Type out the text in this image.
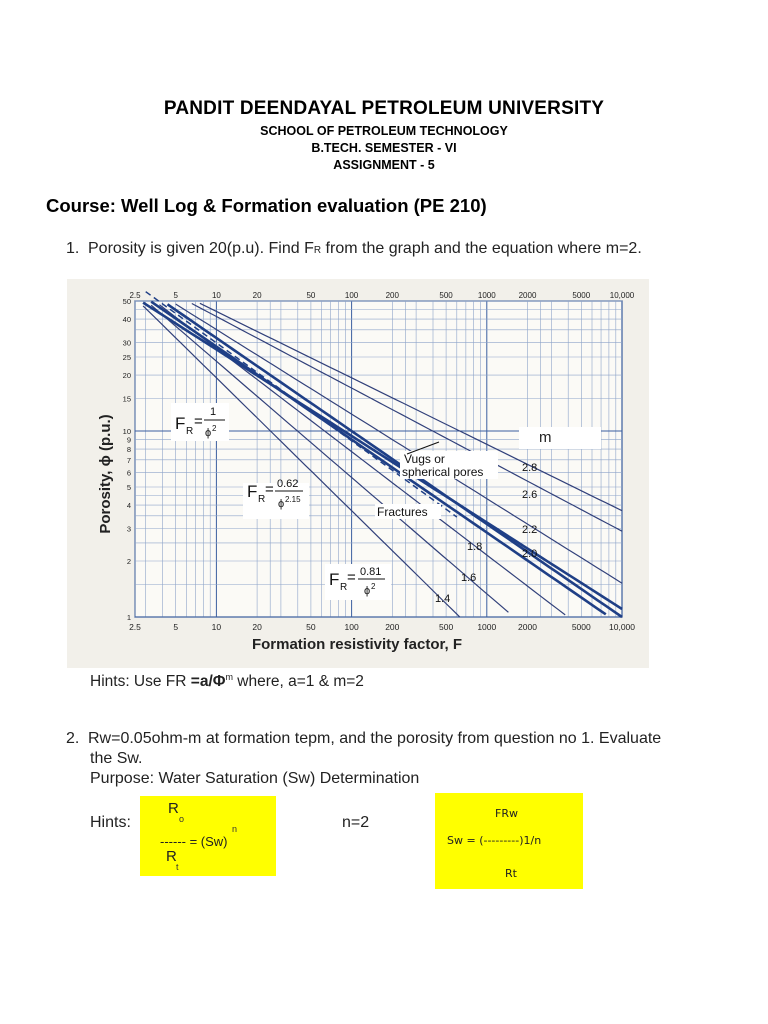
PANDIT DEENDAYAL PETROLEUM UNIVERSITY
SCHOOL OF PETROLEUM TECHNOLOGY
B.TECH. SEMESTER - VI
ASSIGNMENT - 5
Course: Well Log & Formation evaluation (PE 210)
1. Porosity is given 20(p.u). Find FR from the graph and the equation where m=2.
2.5
2.5
5
5
10
10
20
20
50
50
100
100
200
200
500
500
1000
1000
2000
2000
5000
5000
10,000
10,000
50
40
30
25
20
15
10
9
8
7
6
5
4
3
2
1
m
1.4
1.6
1.8
2.0
2.2
2.6
2.8
F R
=
1
ϕ 2
F R
= 0.62
ϕ 2.15
F R
= 0.81
ϕ 2
Vugs or
spherical pores
Fractures
Porosity, ϕ (p.u.)
Formation resistivity factor, F
Hints: Use FR $=a/\Phi^m$ where, a=1 & m=2
2. Rw=0.05ohm-m at formation tepm, and the porosity from question no 1. Evaluate
the Sw.
Purpose: Water Saturation (Sw) Determination
Hints:	n=2
R
o
------ = (Sw)
n
R
t
FRw
Sw = (---------)1/n
Rt
